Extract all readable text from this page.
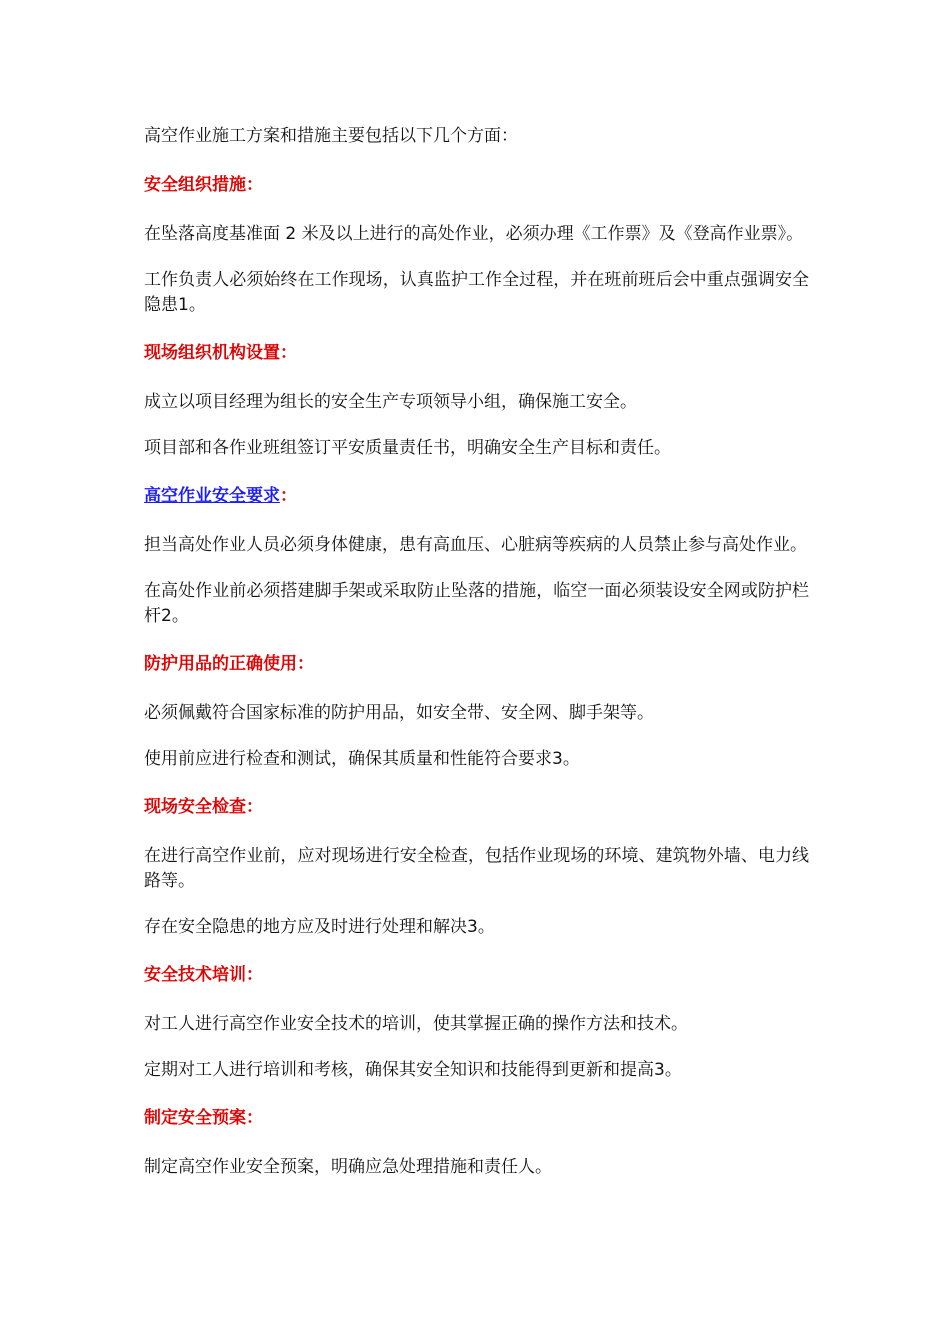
高空作业施工方案和措施主要包括以下几个方面：

安全组织措施：

在坠落高度基准面 2 米及以上进行的高处作业，必须办理《工作票》及《登高作业票》。

工作负责人必须始终在工作现场，认真监护工作全过程，并在班前班后会中重点强调安全隐患1。

现场组织机构设置：

成立以项目经理为组长的安全生产专项领导小组，确保施工安全。

项目部和各作业班组签订平安质量责任书，明确安全生产目标和责任。

高空作业安全要求：

担当高处作业人员必须身体健康，患有高血压、心脏病等疾病的人员禁止参与高处作业。

在高处作业前必须搭建脚手架或采取防止坠落的措施，临空一面必须装设安全网或防护栏杆2。

防护用品的正确使用：

必须佩戴符合国家标准的防护用品，如安全带、安全网、脚手架等。

使用前应进行检查和测试，确保其质量和性能符合要求3。

现场安全检查：

在进行高空作业前，应对现场进行安全检查，包括作业现场的环境、建筑物外墙、电力线路等。

存在安全隐患的地方应及时进行处理和解决3。

安全技术培训：

对工人进行高空作业安全技术的培训，使其掌握正确的操作方法和技术。

定期对工人进行培训和考核，确保其安全知识和技能得到更新和提高3。

制定安全预案：

制定高空作业安全预案，明确应急处理措施和责任人。
